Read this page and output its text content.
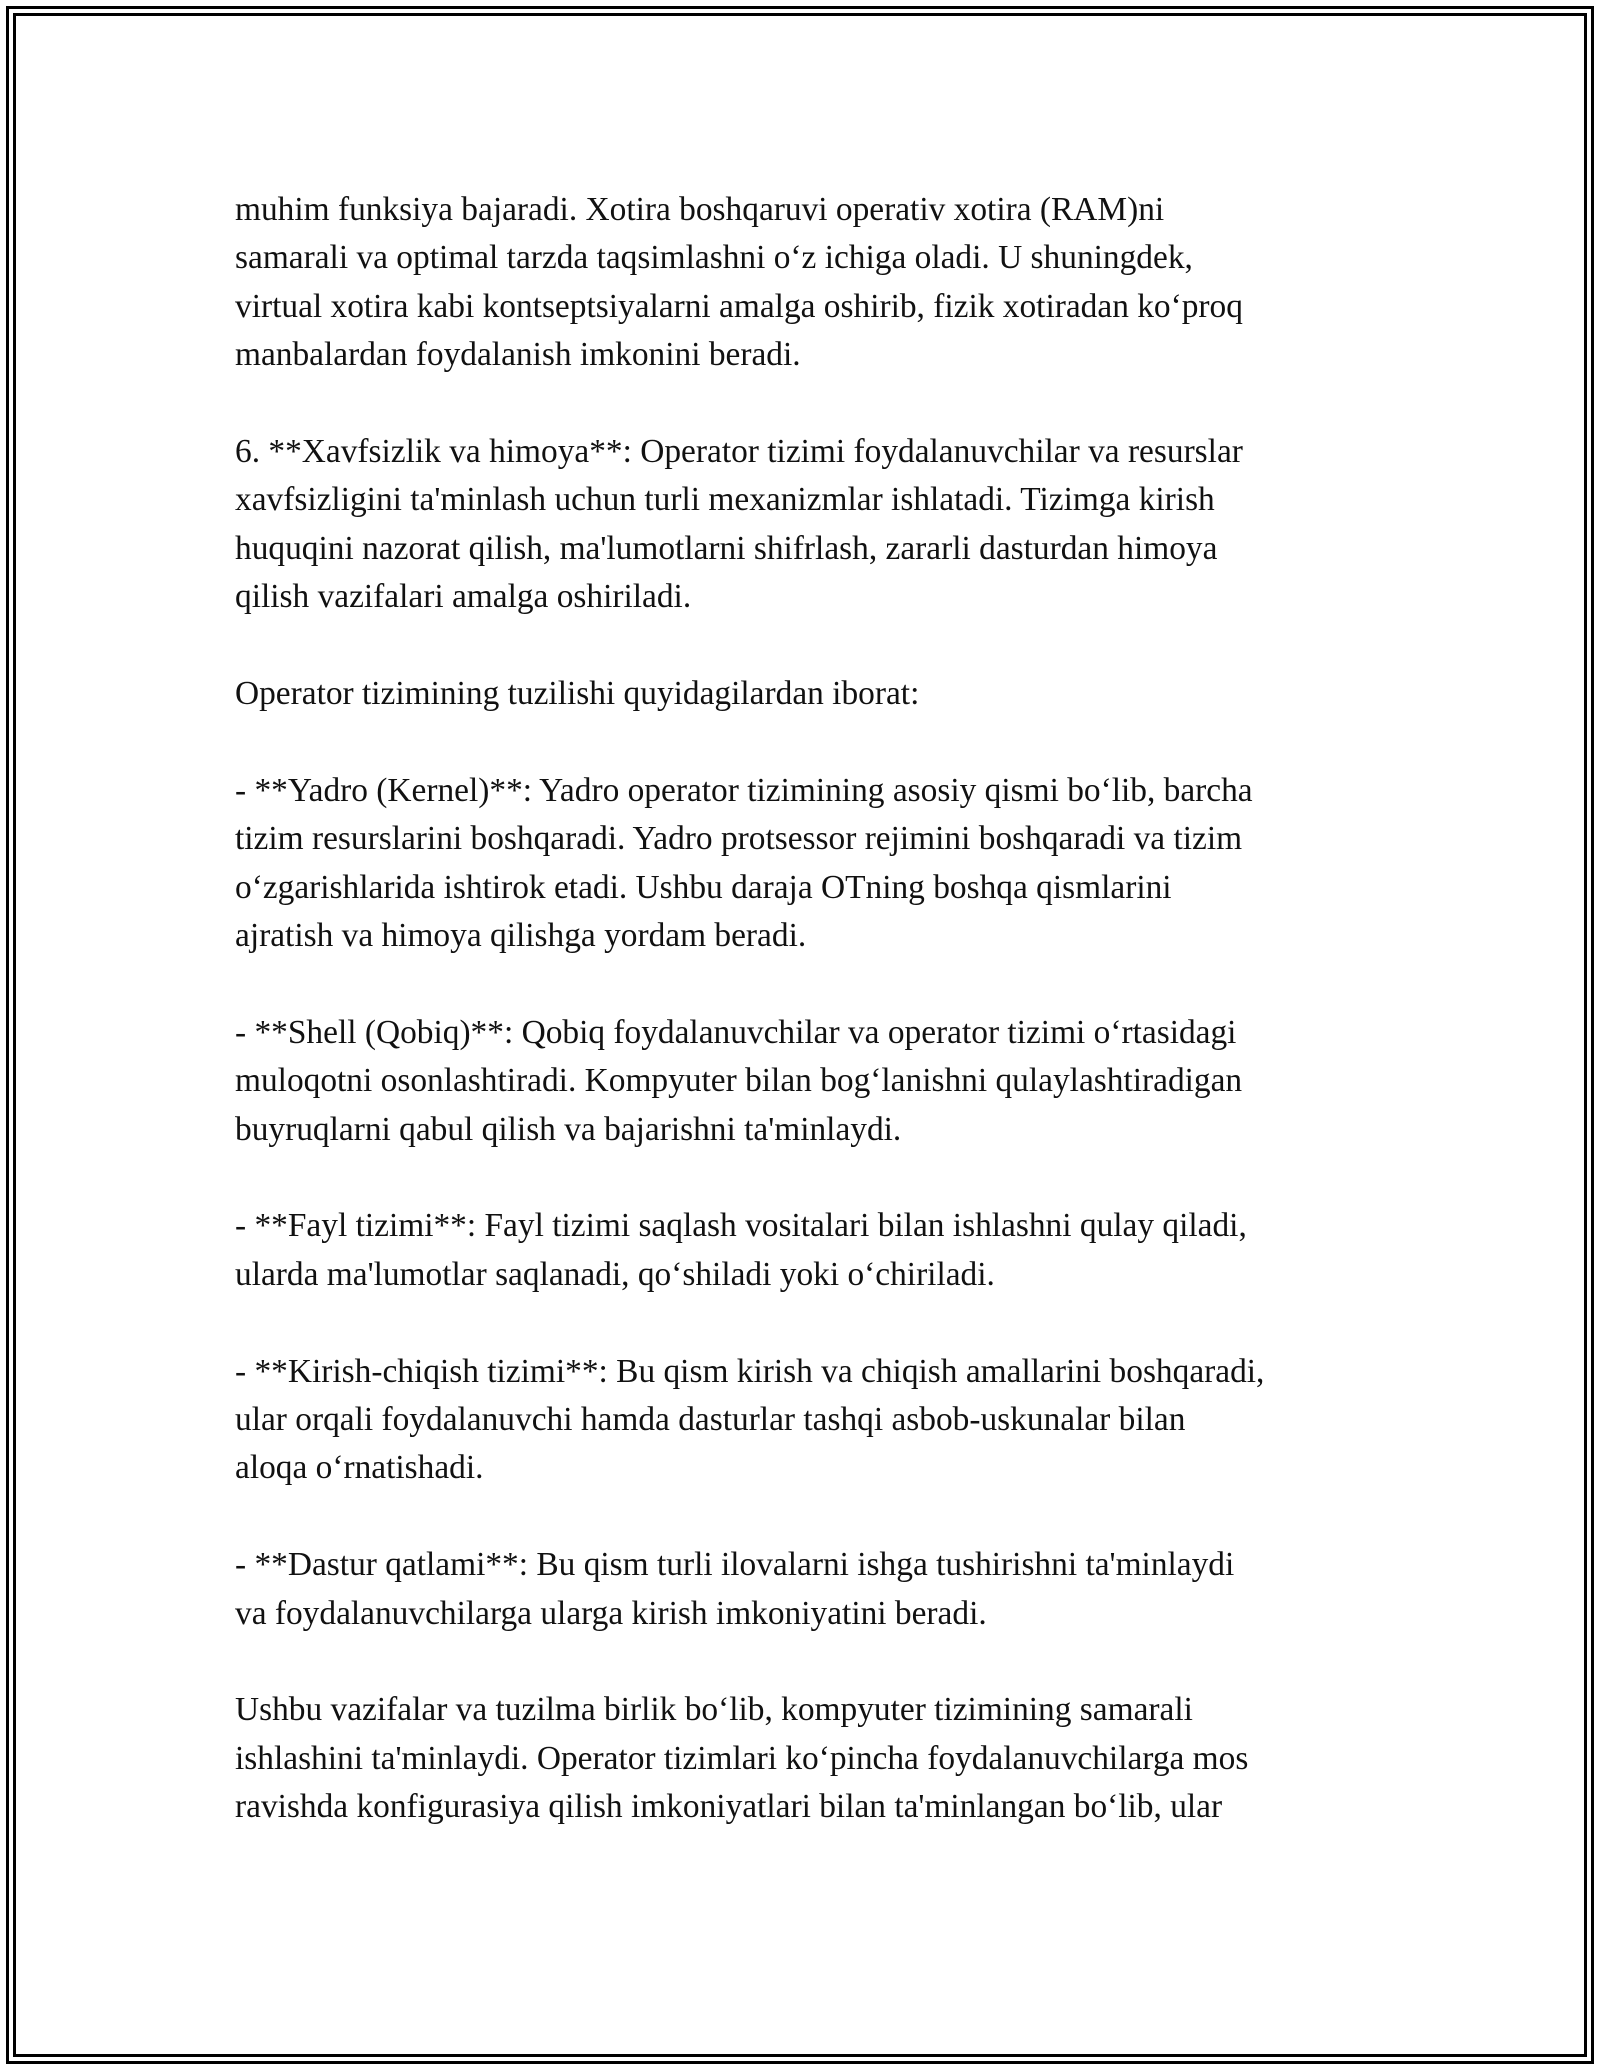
muhim funksiya bajaradi. Xotira boshqaruvi operativ xotira (RAM)ni
samarali va optimal tarzda taqsimlashni o‘z ichiga oladi. U shuningdek,
virtual xotira kabi kontseptsiyalarni amalga oshirib, fizik xotiradan ko‘proq
manbalardan foydalanish imkonini beradi.

6. **Xavfsizlik va himoya**: Operator tizimi foydalanuvchilar va resurslar
xavfsizligini ta'minlash uchun turli mexanizmlar ishlatadi. Tizimga kirish
huquqini nazorat qilish, ma'lumotlarni shifrlash, zararli dasturdan himoya
qilish vazifalari amalga oshiriladi.

Operator tizimining tuzilishi quyidagilardan iborat:

- **Yadro (Kernel)**: Yadro operator tizimining asosiy qismi bo‘lib, barcha
tizim resurslarini boshqaradi. Yadro protsessor rejimini boshqaradi va tizim
o‘zgarishlarida ishtirok etadi. Ushbu daraja OTning boshqa qismlarini
ajratish va himoya qilishga yordam beradi.

- **Shell (Qobiq)**: Qobiq foydalanuvchilar va operator tizimi o‘rtasidagi
muloqotni osonlashtiradi. Kompyuter bilan bog‘lanishni qulaylashtiradigan
buyruqlarni qabul qilish va bajarishni ta'minlaydi.

- **Fayl tizimi**: Fayl tizimi saqlash vositalari bilan ishlashni qulay qiladi,
ularda ma'lumotlar saqlanadi, qo‘shiladi yoki o‘chiriladi.

- **Kirish-chiqish tizimi**: Bu qism kirish va chiqish amallarini boshqaradi,
ular orqali foydalanuvchi hamda dasturlar tashqi asbob-uskunalar bilan
aloqa o‘rnatishadi.

- **Dastur qatlami**: Bu qism turli ilovalarni ishga tushirishni ta'minlaydi
va foydalanuvchilarga ularga kirish imkoniyatini beradi.

Ushbu vazifalar va tuzilma birlik bo‘lib, kompyuter tizimining samarali
ishlashini ta'minlaydi. Operator tizimlari ko‘pincha foydalanuvchilarga mos
ravishda konfigurasiya qilish imkoniyatlari bilan ta'minlangan bo‘lib, ular
